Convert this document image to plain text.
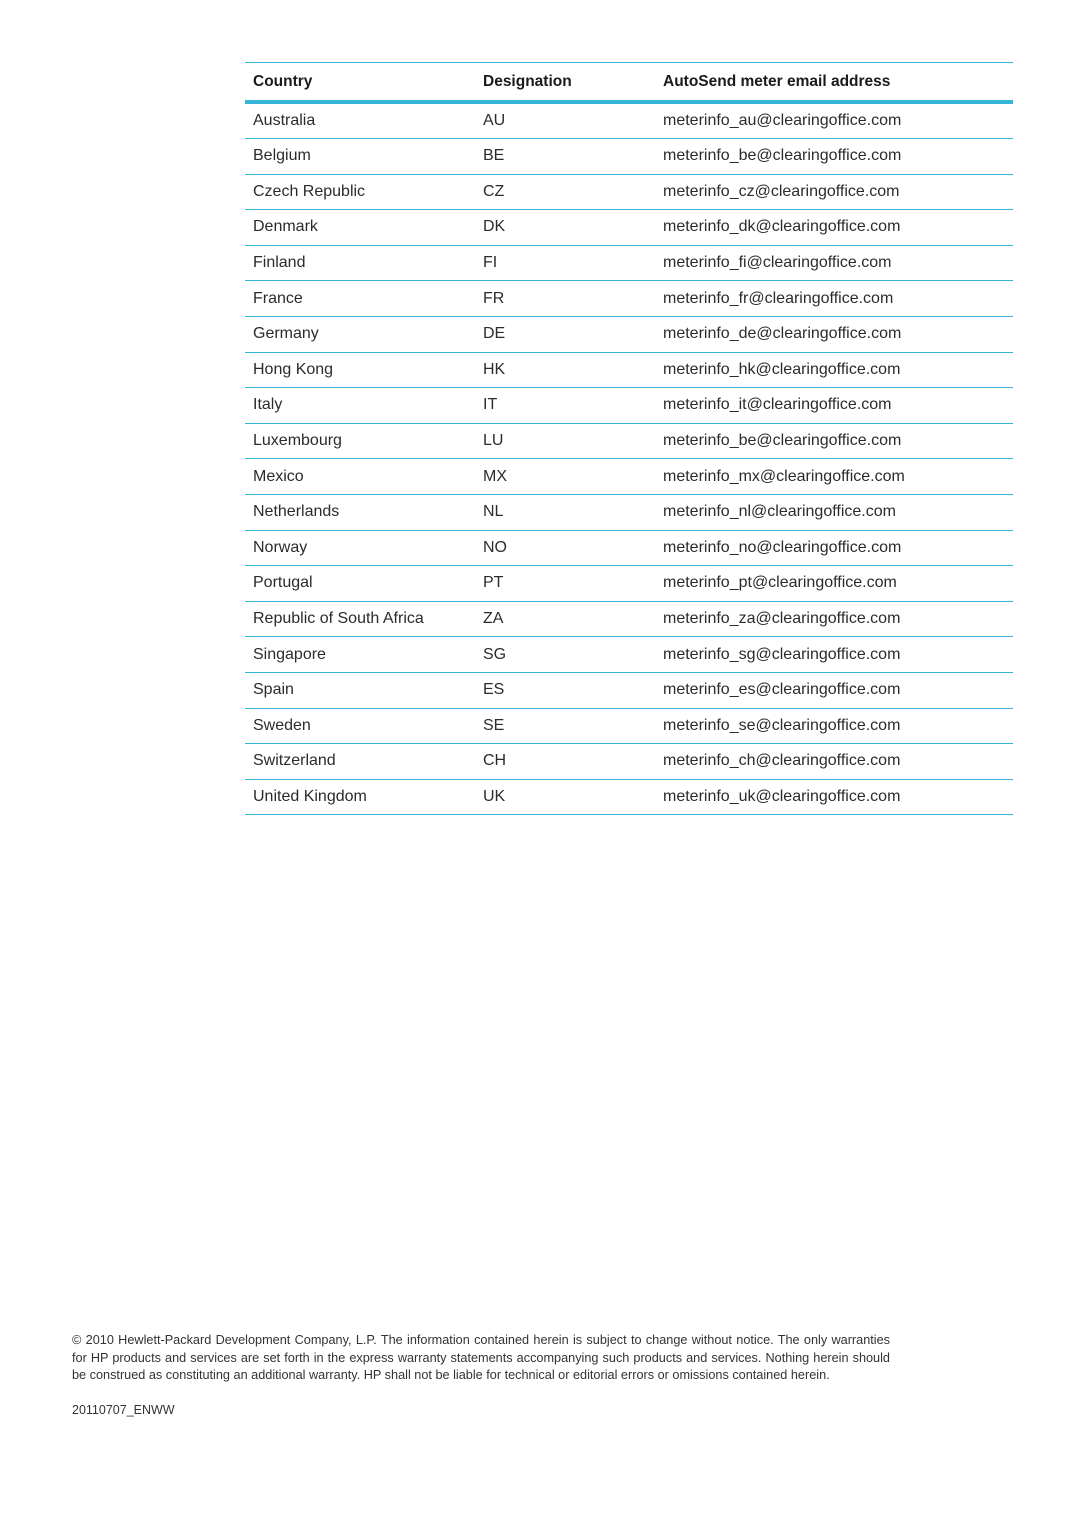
Country	Designation	AutoSend meter email address
Australia	AU	meterinfo_au@clearingoffice.com
Belgium	BE	meterinfo_be@clearingoffice.com
Czech Republic	CZ	meterinfo_cz@clearingoffice.com
Denmark	DK	meterinfo_dk@clearingoffice.com
Finland	FI	meterinfo_fi@clearingoffice.com
France	FR	meterinfo_fr@clearingoffice.com
Germany	DE	meterinfo_de@clearingoffice.com
Hong Kong	HK	meterinfo_hk@clearingoffice.com
Italy	IT	meterinfo_it@clearingoffice.com
Luxembourg	LU	meterinfo_be@clearingoffice.com
Mexico	MX	meterinfo_mx@clearingoffice.com
Netherlands	NL	meterinfo_nl@clearingoffice.com
Norway	NO	meterinfo_no@clearingoffice.com
Portugal	PT	meterinfo_pt@clearingoffice.com
Republic of South Africa	ZA	meterinfo_za@clearingoffice.com
Singapore	SG	meterinfo_sg@clearingoffice.com
Spain	ES	meterinfo_es@clearingoffice.com
Sweden	SE	meterinfo_se@clearingoffice.com
Switzerland	CH	meterinfo_ch@clearingoffice.com
United Kingdom	UK	meterinfo_uk@clearingoffice.com
© 2010 Hewlett-Packard Development Company, L.P. The information contained herein is subject to change without notice. The only warranties for HP products and services are set forth in the express warranty statements accompanying such products and services. Nothing herein should be construed as constituting an additional warranty. HP shall not be liable for technical or editorial errors or omissions contained herein.
20110707_ENWW
